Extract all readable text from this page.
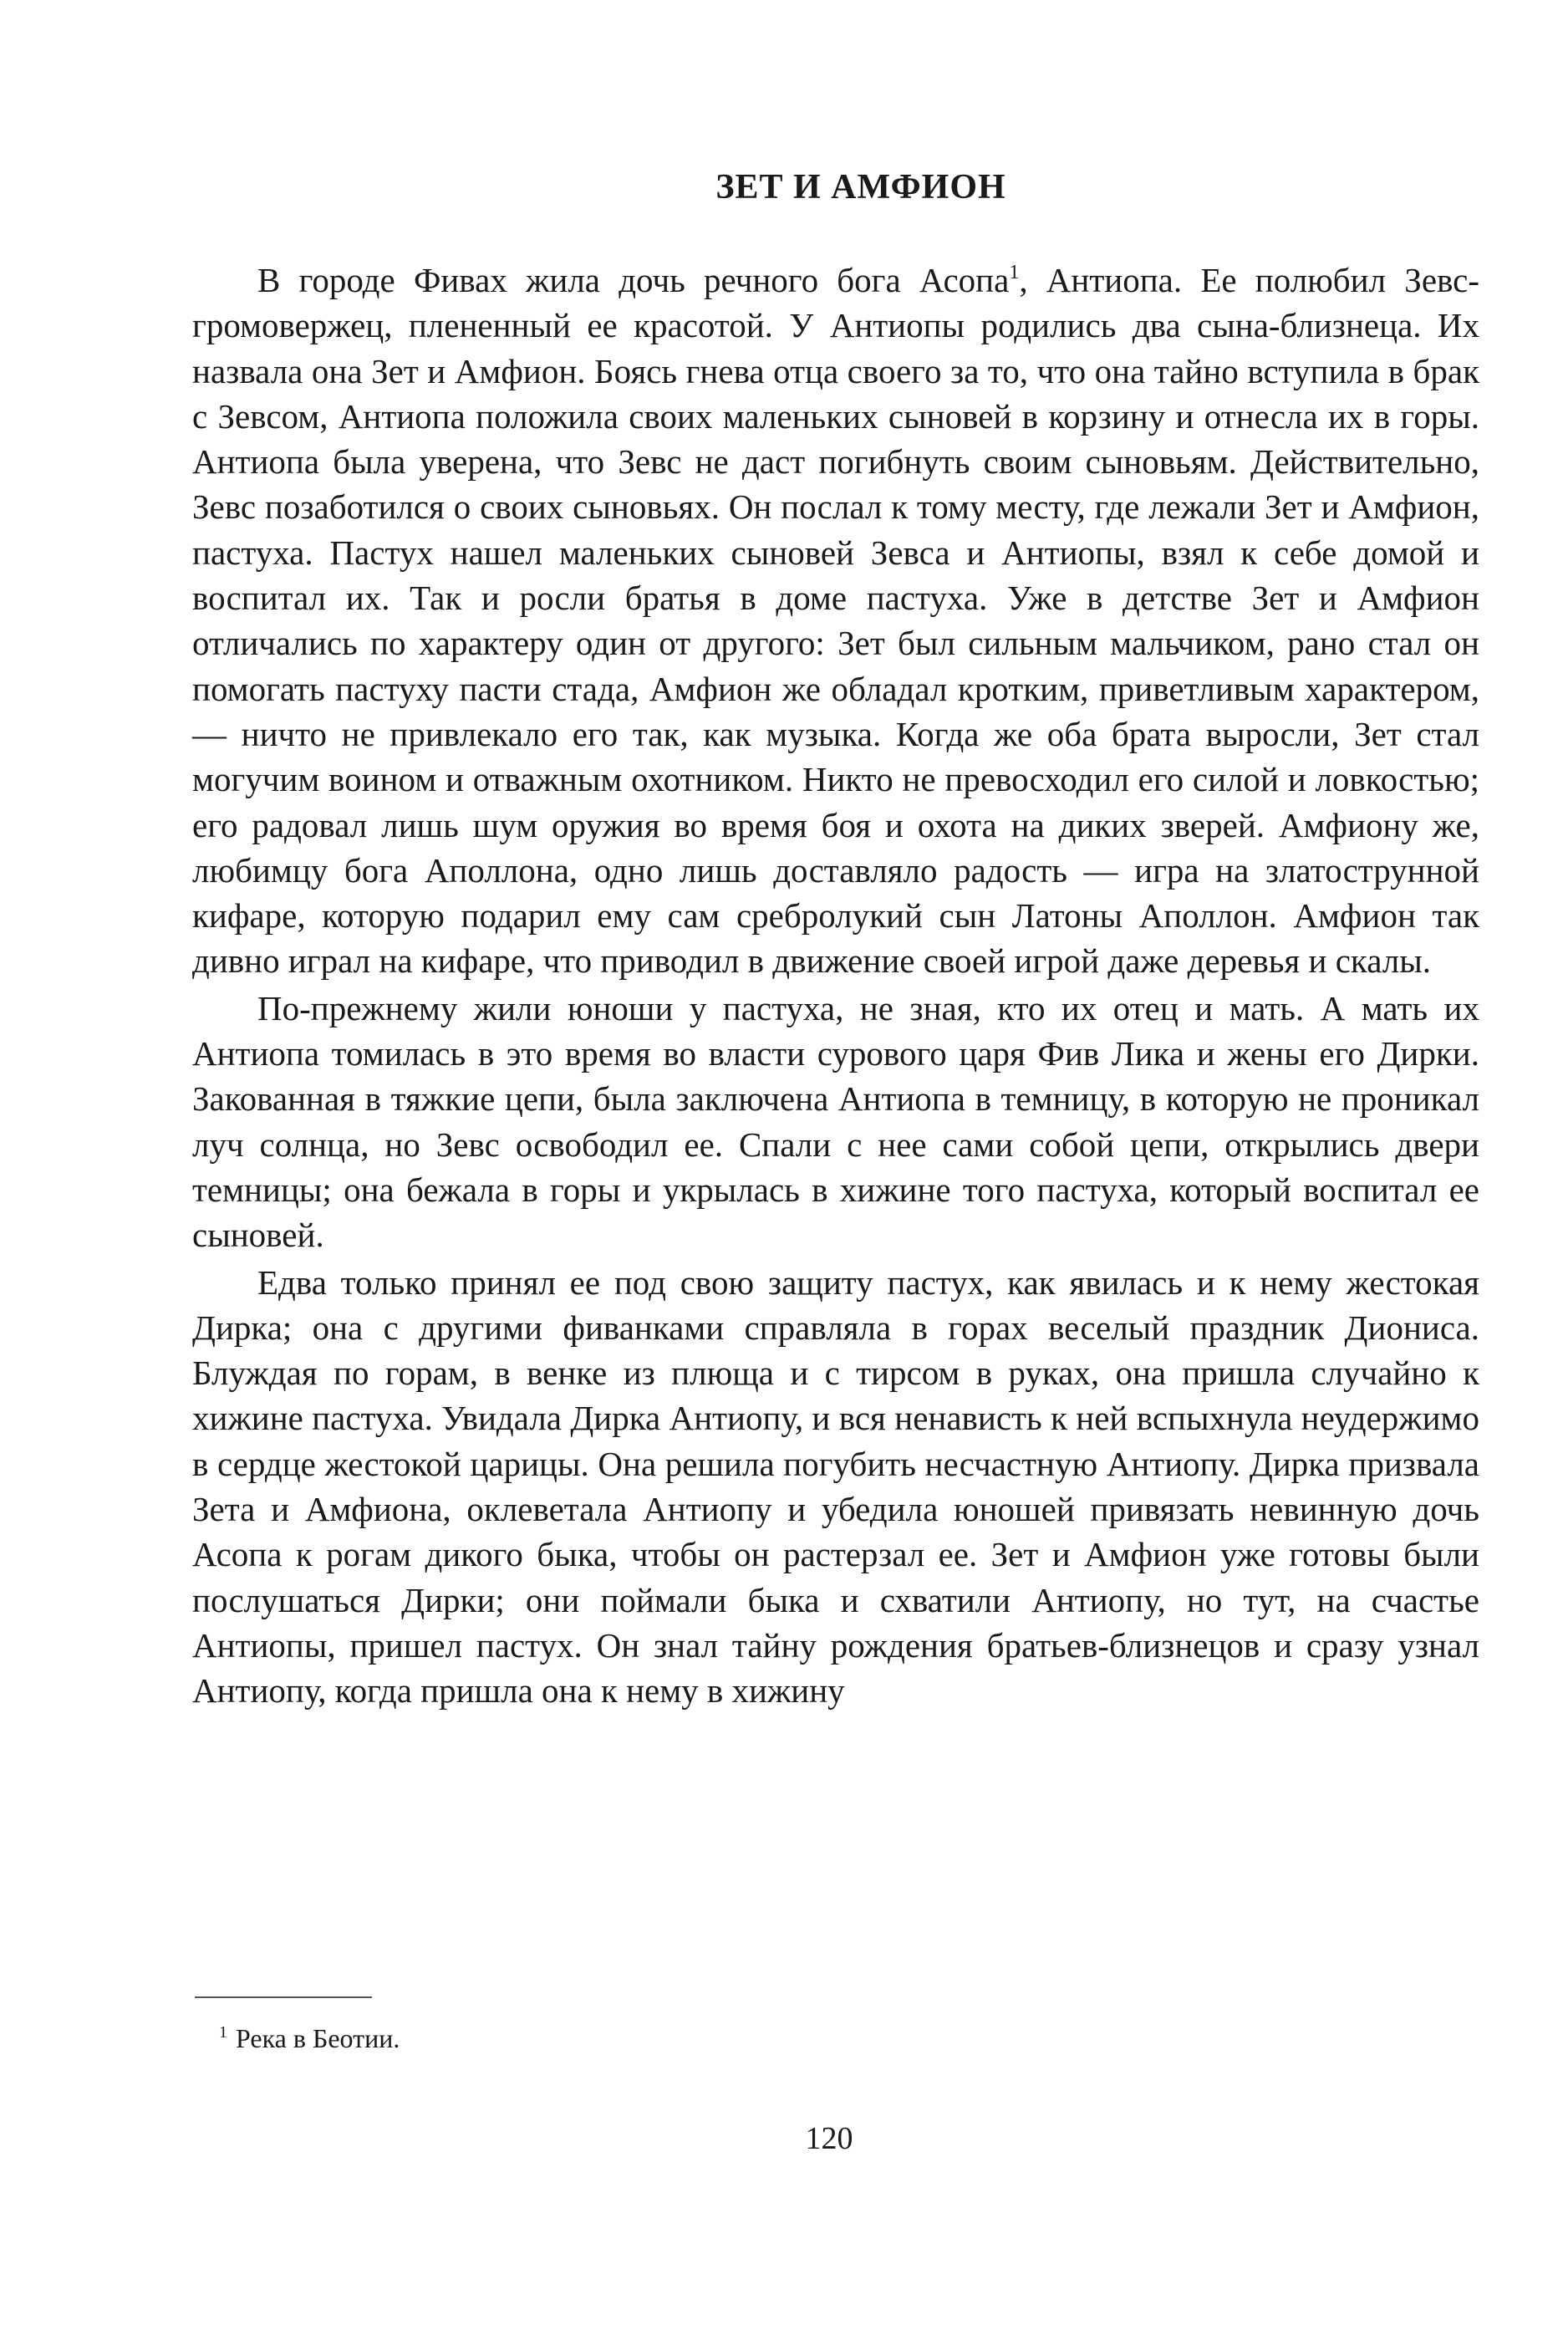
ЗЕТ И АМФИОН

В городе Фивах жила дочь речного бога Асопа$^1$, Антиопа. Ее полюбил Зевс-громовержец, плененный ее красотой. У Антиопы родились два сына-близнеца. Их назвала она Зет и Амфион. Боясь гнева отца своего за то, что она тайно вступила в брак с Зевсом, Антиопа положила своих маленьких сыновей в корзину и отнесла их в горы. Антиопа была уверена, что Зевс не даст погибнуть своим сыновьям. Действительно, Зевс позаботился о своих сыновьях. Он послал к тому месту, где лежали Зет и Амфион, пастуха. Пастух нашел маленьких сыновей Зевса и Антиопы, взял к себе домой и воспитал их. Так и росли братья в доме пастуха. Уже в детстве Зет и Амфион отличались по характеру один от другого: Зет был сильным мальчиком, рано стал он помогать пастуху пасти стада, Амфион же обладал кротким, приветливым характером, — ничто не привлекало его так, как музыка. Когда же оба брата выросли, Зет стал могучим воином и отважным охотником. Никто не превосходил его силой и ловкостью; его радовал лишь шум оружия во время боя и охота на диких зверей. Амфиону же, любимцу бога Аполлона, одно лишь доставляло радость — игра на златострунной кифаре, которую подарил ему сам сребролукий сын Латоны Аполлон. Амфион так дивно играл на кифаре, что приводил в движение своей игрой даже деревья и скалы.

По-прежнему жили юноши у пастуха, не зная, кто их отец и мать. А мать их Антиопа томилась в это время во власти сурового царя Фив Лика и жены его Дирки. Закованная в тяжкие цепи, была заключена Антиопа в темницу, в которую не проникал луч солнца, но Зевс освободил ее. Спали с нее сами собой цепи, открылись двери темницы; она бежала в горы и укрылась в хижине того пастуха, который воспитал ее сыновей.

Едва только принял ее под свою защиту пастух, как явилась и к нему жестокая Дирка; она с другими фиванками справляла в горах веселый праздник Диониса. Блуждая по горам, в венке из плюща и с тирсом в руках, она пришла случайно к хижине пастуха. Увидала Дирка Антиопу, и вся ненависть к ней вспыхнула неудержимо в сердце жестокой царицы. Она решила погубить несчастную Антиопу. Дирка призвала Зета и Амфиона, оклеветала Антиопу и убедила юношей привязать невинную дочь Асопа к рогам дикого быка, чтобы он растерзал ее. Зет и Амфион уже готовы были послушаться Дирки; они поймали быка и схватили Антиопу, но тут, на счастье Антиопы, пришел пастух. Он знал тайну рождения братьев-близнецов и сразу узнал Антиопу, когда пришла она к нему в хижину

$^1$ Река в Беотии.
120
